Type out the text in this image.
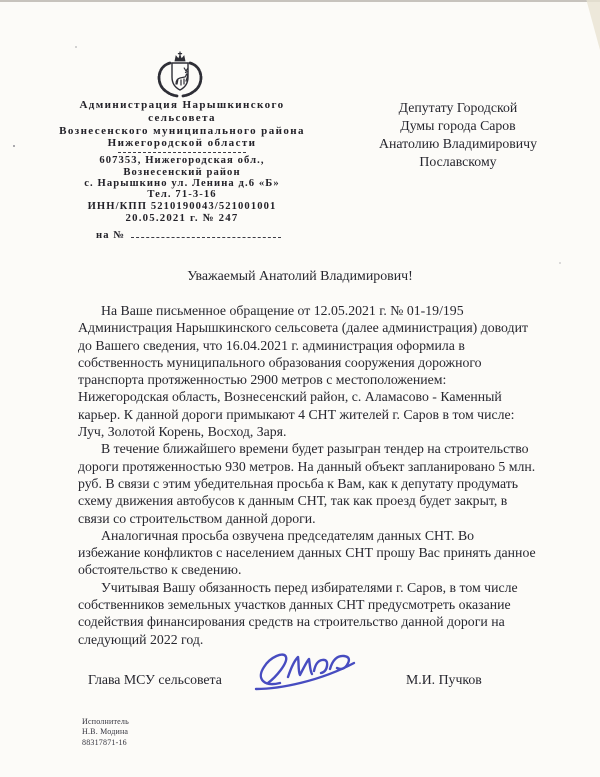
Администрация Нарышкинского
сельсовета
Вознесенского муниципального района
Нижегородской области
607353, Нижегородская обл.,
Вознесенский район
с. Нарышкино ул. Ленина д.6 «Б»
Тел. 71-3-16
ИНН/КПП 5210190043/521001001
20.05.2021 г. № 247
на №
Депутату Городской
Думы города Саров
Анатолию Владимировичу
Пославскому
Уважаемый Анатолий Владимирович!
На Ваше письменное обращение от 12.05.2021 г. № 01-19/195
Администрация Нарышкинского сельсовета (далее администрация) доводит
до Вашего сведения, что 16.04.2021 г. администрация оформила в
собственность муниципального образования сооружения дорожного
транспорта протяженностью 2900 метров с местоположением:
Нижегородская область, Вознесенский район, с. Аламасово - Каменный
карьер. К данной дороги примыкают 4 СНТ жителей г. Саров в том числе:
Луч, Золотой Корень, Восход, Заря.
В течение ближайшего времени будет разыгран тендер на строительство
дороги протяженностью 930 метров. На данный объект запланировано 5 млн.
руб. В связи с этим убедительная просьба к Вам, как к депутату продумать
схему движения автобусов к данным СНТ, так как проезд будет закрыт, в
связи со строительством данной дороги.
Аналогичная просьба озвучена председателям данных СНТ. Во
избежание конфликтов с населением данных СНТ прошу Вас принять данное
обстоятельство к сведению.
Учитывая Вашу обязанность перед избирателями г. Саров, в том числе
собственников земельных участков данных СНТ предусмотреть оказание
содействия финансирования средств на строительство данной дороги на
следующий 2022 год.
Глава МСУ сельсовета	М.И. Пучков
Исполнитель
Н.В. Модина
88317871-16
